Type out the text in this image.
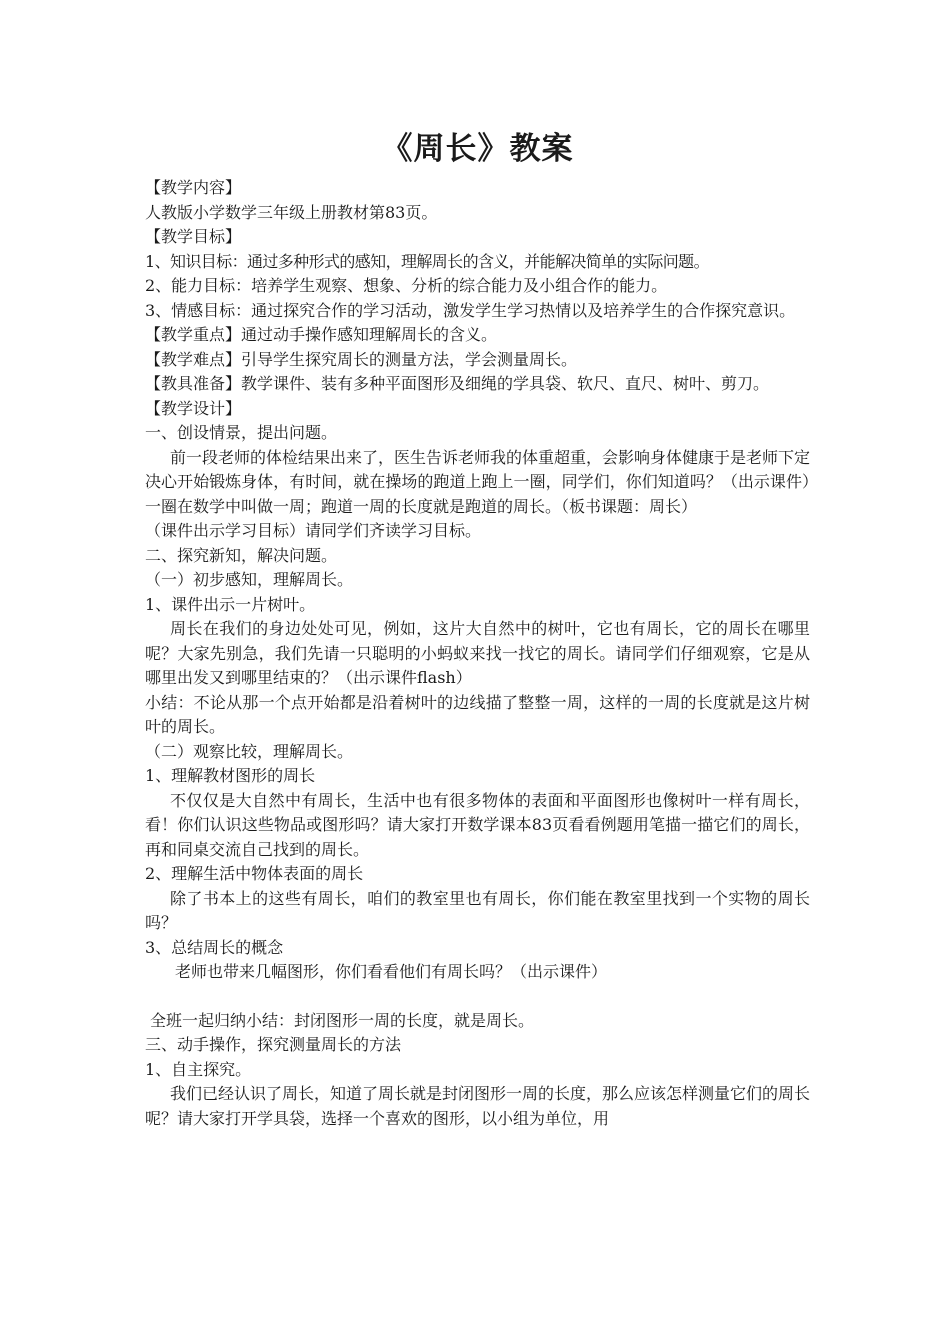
《周长》教案

【教学内容】

人教版小学数学三年级上册教材第83页。

【教学目标】

1、知识目标：通过多种形式的感知，理解周长的含义，并能解决简单的实际问题。

2、能力目标：培养学生观察、想象、分析的综合能力及小组合作的能力。

3、情感目标：通过探究合作的学习活动，激发学生学习热情以及培养学生的合作探究意识。

【教学重点】通过动手操作感知理解周长的含义。

【教学难点】引导学生探究周长的测量方法，学会测量周长。

【教具准备】教学课件、装有多种平面图形及细绳的学具袋、软尺、直尺、树叶、剪刀。

【教学设计】

一、创设情景，提出问题。

前一段老师的体检结果出来了，医生告诉老师我的体重超重，会影响身体健康于是老师下定决心开始锻炼身体，有时间，就在操场的跑道上跑上一圈，同学们，你们知道吗？（出示课件）一圈在数学中叫做一周；跑道一周的长度就是跑道的周长。（板书课题：周长）

（课件出示学习目标）请同学们齐读学习目标。

二、探究新知，解决问题。

（一）初步感知，理解周长。

1、课件出示一片树叶。

周长在我们的身边处处可见，例如，这片大自然中的树叶，它也有周长，它的周长在哪里呢？大家先别急，我们先请一只聪明的小蚂蚁来找一找它的周长。请同学们仔细观察，它是从哪里出发又到哪里结束的？（出示课件flash）

小结：不论从那一个点开始都是沿着树叶的边线描了整整一周，这样的一周的长度就是这片树叶的周长。

（二）观察比较，理解周长。

1、理解教材图形的周长

不仅仅是大自然中有周长，生活中也有很多物体的表面和平面图形也像树叶一样有周长，看！你们认识这些物品或图形吗？请大家打开数学课本83页看看例题用笔描一描它们的周长，再和同桌交流自己找到的周长。

2、理解生活中物体表面的周长

除了书本上的这些有周长，咱们的教室里也有周长，你们能在教室里找到一个实物的周长吗？

3、总结周长的概念

老师也带来几幅图形，你们看看他们有周长吗？（出示课件）

全班一起归纳小结：封闭图形一周的长度，就是周长。

三、动手操作，探究测量周长的方法

1、自主探究。

我们已经认识了周长，知道了周长就是封闭图形一周的长度，那么应该怎样测量它们的周长呢？请大家打开学具袋，选择一个喜欢的图形，以小组为单位，用
